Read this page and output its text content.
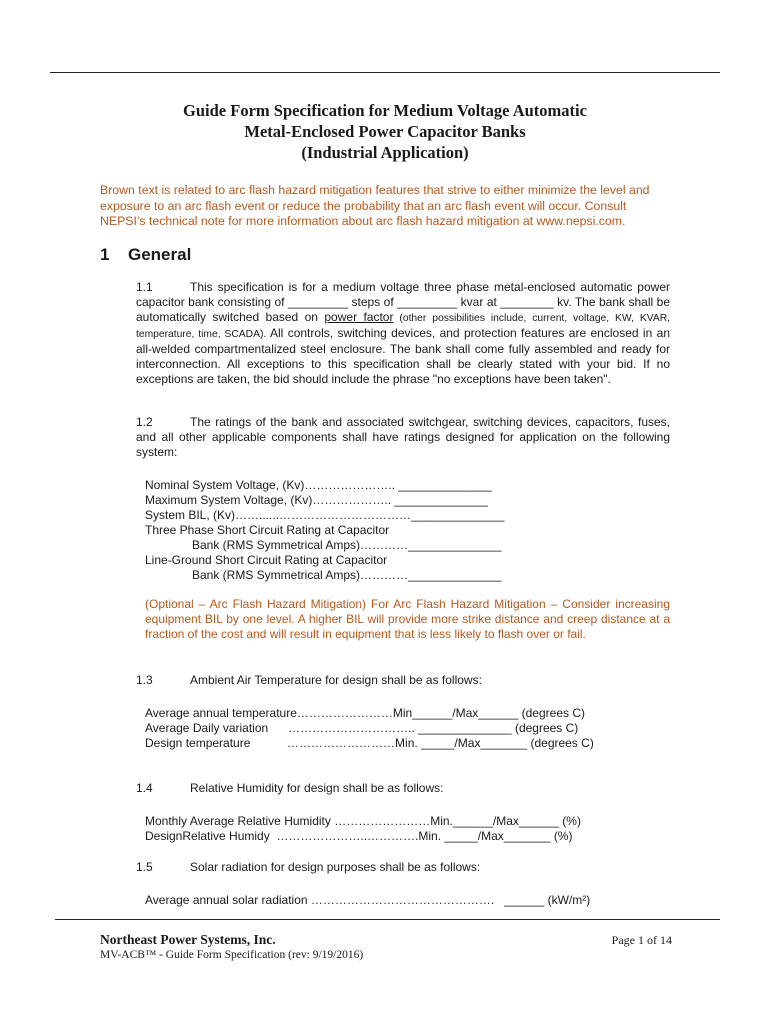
Guide Form Specification for Medium Voltage Automatic
Metal-Enclosed Power Capacitor Banks
(Industrial Application)
Brown text is related to arc flash hazard mitigation features that strive to either minimize the level and exposure to an arc flash event or reduce the probability that an arc flash event will occur. Consult NEPSI’s technical note for more information about arc flash hazard mitigation at www.nepsi.com.
1 General
1.1	This specification is for a medium voltage three phase metal-enclosed automatic power capacitor bank consisting of _________ steps of _________ kvar at ________ kv. The bank shall be automatically switched based on power factor (other possibilities include, current, voltage, KW, KVAR, temperature, time, SCADA). All controls, switching devices, and protection features are enclosed in an all-welded compartmentalized steel enclosure. The bank shall come fully assembled and ready for interconnection. All exceptions to this specification shall be clearly stated with your bid. If no exceptions are taken, the bid should include the phrase "no exceptions have been taken".
1.2	The ratings of the bank and associated switchgear, switching devices, capacitors, fuses, and all other applicable components shall have ratings designed for application on the following system:
Nominal System Voltage, (Kv)………………….. ______________
Maximum System Voltage, (Kv)……………….. ______________
System BIL, (Kv)……......……………………………______________
Three Phase Short Circuit Rating at Capacitor
Bank (RMS Symmetrical Amps)…………______________
Line-Ground Short Circuit Rating at Capacitor
Bank (RMS Symmetrical Amps)…………______________
(Optional – Arc Flash Hazard Mitigation) For Arc Flash Hazard Mitigation – Consider increasing equipment BIL by one level. A higher BIL will provide more strike distance and creep distance at a fraction of the cost and will result in equipment that is less likely to flash over or fail.
1.3	Ambient Air Temperature for design shall be as follows:
Average annual temperature……………………Min______/Max______ (degrees C)
Average Daily variation      ………………………….. ______________ (degrees C)
Design temperature           ………………………Min. _____/Max_______ (degrees C)
1.4	Relative Humidity for design shall be as follows:
Monthly Average Relative Humidity ……………………Min.______/Max______ (%)
DesignRelative Humidy  …………………..………….Min. _____/Max_______ (%)
1.5	Solar radiation for design purposes shall be as follows:
Average annual solar radiation ……………………………………….   ______ (kW/m²)
Northeast Power Systems, Inc.	Page 1 of 14
MV-ACB™ - Guide Form Specification (rev: 9/19/2016)
